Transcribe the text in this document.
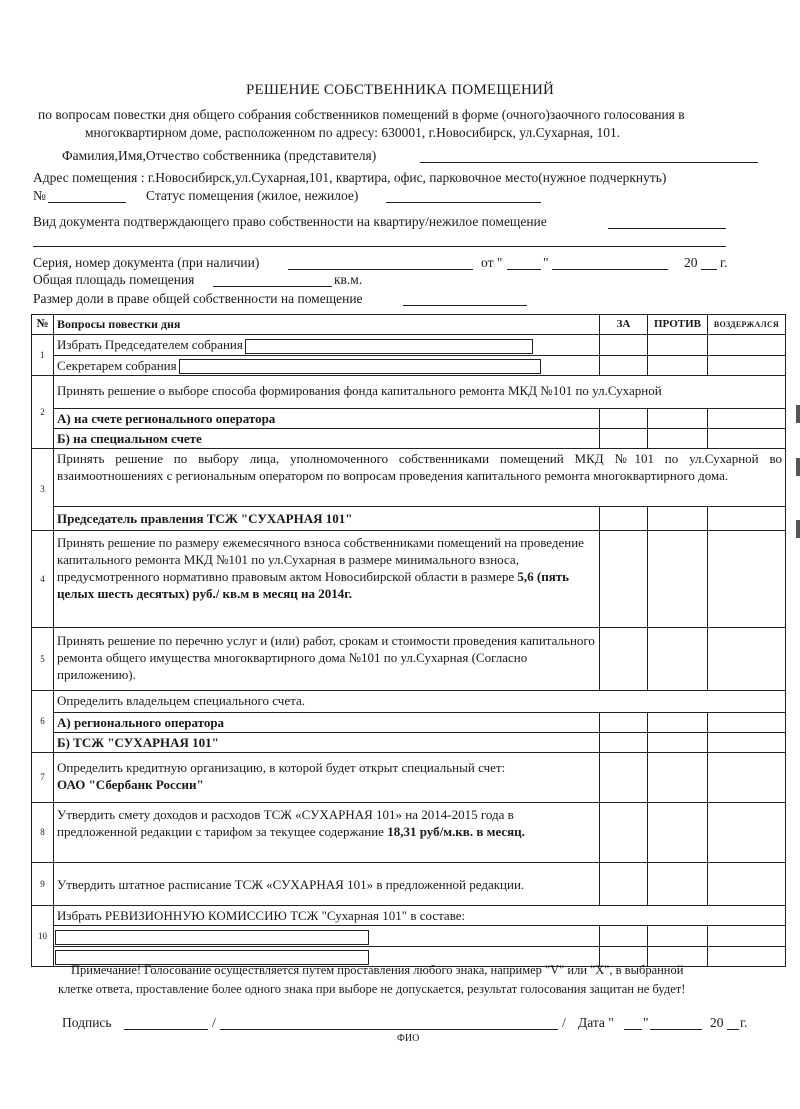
РЕШЕНИЕ СОБСТВЕННИКА ПОМЕЩЕНИЙ
по вопросам повестки дня общего собрания собственников помещений в форме (очного)заочного голосования в
многоквартирном доме, расположенном по адресу: 630001, г.Новосибирск, ул.Сухарная, 101.
Фамилия,Имя,Отчество собственника (представителя)
Адрес помещения : г.Новосибирск,ул.Сухарная,101, квартира, офис, парковочное место(нужное подчеркнуть)
№	Статус помещения (жилое, нежилое)
Вид документа подтверждающего право собственности на квартиру/нежилое помещение
Серия, номер документа (при наличии)	от "	"	20 г.
Общая площадь помещения	кв.м.
Размер доли в праве общей собственности на помещение
№	Вопросы повестки дня	ЗА	ПРОТИВ	ВОЗДЕРЖАЛСЯ
1	Избрать Председателем собрания			
	Секретарем собрания			
2	Принять решение о выборе способа формирования фонда капитального ремонта МКД №101 по ул.Сухарной			
	А) на счете регионального оператора			
	Б) на специальном счете			
3	Принять решение по выбору лица, уполномоченного собственниками помещений МКД №101 по ул.Сухарной во взаимоотношениях с региональным оператором по вопросам проведения капитального ремонта многоквартирного дома.			
	Председатель правления ТСЖ "СУХАРНАЯ 101"			
4	Принять решение по размеру ежемесячного взноса собственниками помещений на проведение капитального ремонта МКД №101 по ул.Сухарная в размере минимального взноса, предусмотренного нормативно правовым актом Новосибирской области в размере 5,6 (пять целых шесть десятых) руб./ кв.м в месяц на 2014г.			
5	Принять решение по перечню услуг и (или) работ, срокам и стоимости проведения капитального ремонта общего имущества многоквартирного дома №101 по ул.Сухарная (Согласно приложению).			
6	Определить владельцем специального счета.			
	А) регионального оператора			
	Б) ТСЖ "СУХАРНАЯ 101"			
7	Определить кредитную организацию, в которой будет открыт специальный счет:
ОАО "Сбербанк России"			

8	Утвердить смету доходов и расходов ТСЖ «СУХАРНАЯ 101» на 2014-2015 года в предложенной редакции с тарифом за текущее содержание 18,31 руб/м.кв. в месяц.			
9	Утвердить штатное расписание ТСЖ «СУХАРНАЯ 101» в предложенной редакции.			
10	Избрать РЕВИЗИОННУЮ КОМИССИЮ ТСЖ "Сухарная 101" в составе:			

Примечание! Голосование осуществляется путем проставления любого знака, например "V" или "Х", в выбранной
клетке ответа, проставление более одного знака при выборе не допускается, результат голосования защитан не будет!
Подпись	/	/ Дата " "	20 г.
ФИО
